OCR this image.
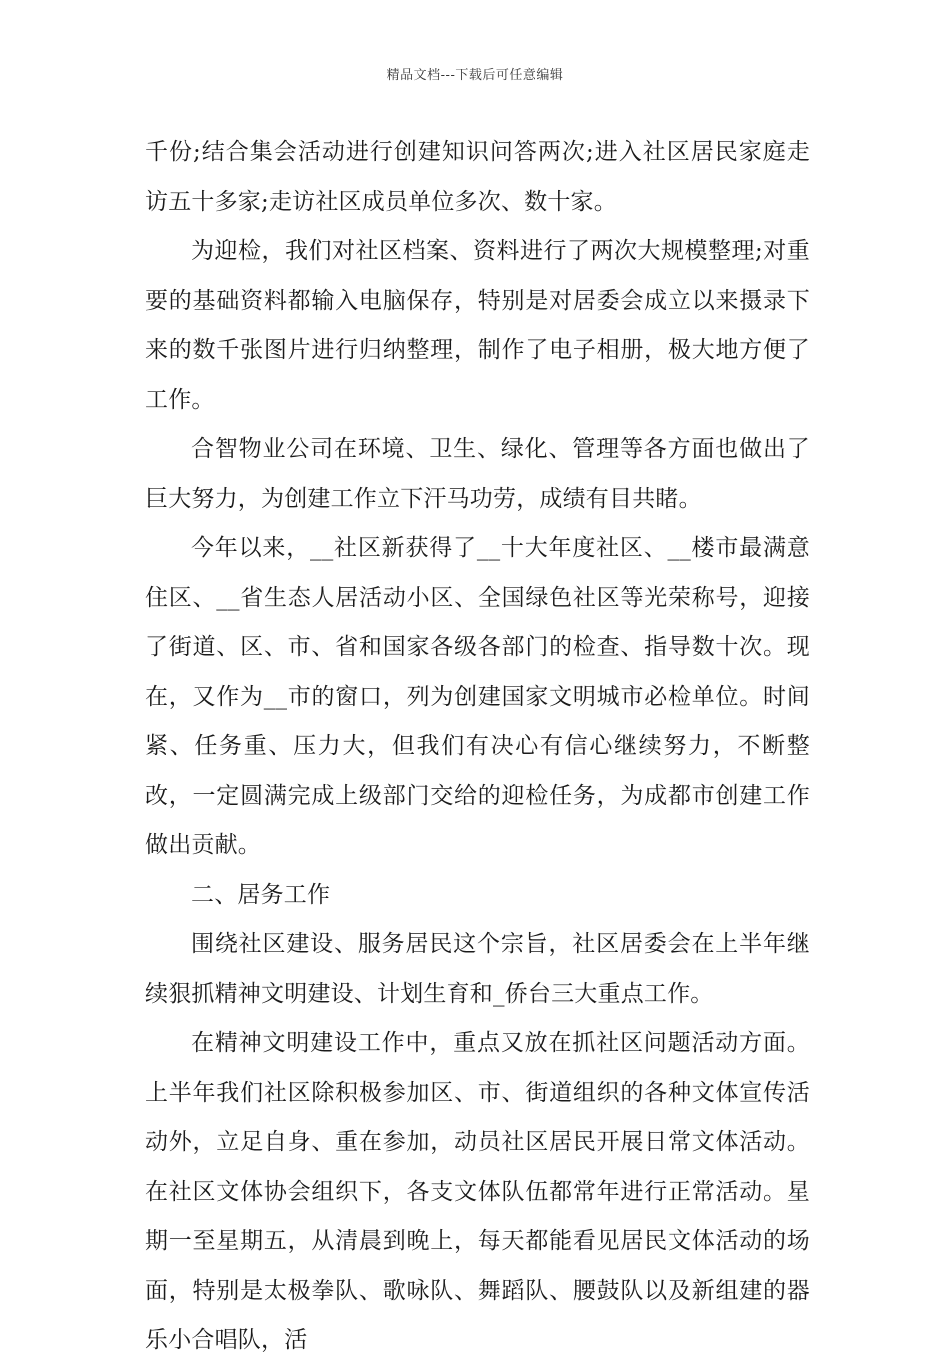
精品文档---下载后可任意编辑

千份;结合集会活动进行创建知识问答两次;进入社区居民家庭走访五十多家;走访社区成员单位多次、数十家。

为迎检，我们对社区档案、资料进行了两次大规模整理;对重要的基础资料都输入电脑保存，特别是对居委会成立以来摄录下来的数千张图片进行归纳整理，制作了电子相册，极大地方便了工作。

合智物业公司在环境、卫生、绿化、管理等各方面也做出了巨大努力，为创建工作立下汗马功劳，成绩有目共睹。

今年以来，__社区新获得了__十大年度社区、__楼市最满意住区、__省生态人居活动小区、全国绿色社区等光荣称号，迎接了街道、区、市、省和国家各级各部门的检查、指导数十次。现在，又作为__市的窗口，列为创建国家文明城市必检单位。时间紧、任务重、压力大，但我们有决心有信心继续努力，不断整改，一定圆满完成上级部门交给的迎检任务，为成都市创建工作做出贡献。

二、居务工作

围绕社区建设、服务居民这个宗旨，社区居委会在上半年继续狠抓精神文明建设、计划生育和_侨台三大重点工作。

在精神文明建设工作中，重点又放在抓社区问题活动方面。上半年我们社区除积极参加区、市、街道组织的各种文体宣传活动外，立足自身、重在参加，动员社区居民开展日常文体活动。在社区文体协会组织下，各支文体队伍都常年进行正常活动。星期一至星期五，从清晨到晚上，每天都能看见居民文体活动的场面，特别是太极拳队、歌咏队、舞蹈队、腰鼓队以及新组建的器乐小合唱队，活
